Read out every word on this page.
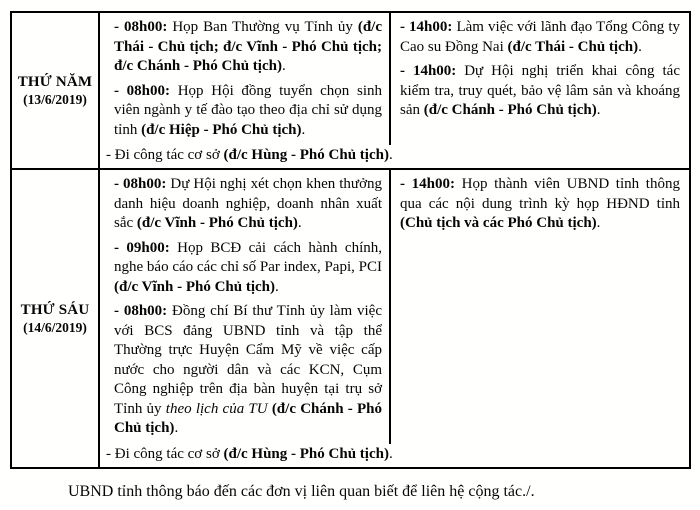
THỨ NĂM
(13/6/2019)

- 08h00: Họp Ban Thường vụ Tỉnh ủy (đ/c Thái - Chủ tịch; đ/c Vĩnh - Phó Chủ tịch; đ/c Chánh - Phó Chủ tịch).

- 08h00: Họp Hội đồng tuyển chọn sinh viên ngành y tế đào tạo theo địa chỉ sử dụng tỉnh (đ/c Hiệp - Phó Chủ tịch).

- 14h00: Làm việc với lãnh đạo Tổng Công ty Cao su Đồng Nai (đ/c Thái - Chủ tịch).

- 14h00: Dự Hội nghị triển khai công tác kiểm tra, truy quét, bảo vệ lâm sản và khoáng sản (đ/c Chánh - Phó Chủ tịch).

- Đi công tác cơ sở (đ/c Hùng - Phó Chủ tịch).
THỨ SÁU
(14/6/2019)

- 08h00: Dự Hội nghị xét chọn khen thưởng danh hiệu doanh nghiệp, doanh nhân xuất sắc (đ/c Vĩnh - Phó Chủ tịch).

- 09h00: Họp BCĐ cải cách hành chính, nghe báo cáo các chỉ số Par index, Papi, PCI (đ/c Vĩnh - Phó Chủ tịch).

- 08h00: Đồng chí Bí thư Tỉnh ủy làm việc với BCS đảng UBND tỉnh và tập thể Thường trực Huyện Cẩm Mỹ về việc cấp nước cho người dân và các KCN, Cụm Công nghiệp trên địa bàn huyện tại trụ sở Tỉnh ủy theo lịch của TU (đ/c Chánh - Phó Chủ tịch).

- 14h00: Họp thành viên UBND tỉnh thông qua các nội dung trình kỳ họp HĐND tỉnh (Chủ tịch và các Phó Chủ tịch).

- Đi công tác cơ sở (đ/c Hùng - Phó Chủ tịch).

UBND tỉnh thông báo đến các đơn vị liên quan biết để liên hệ cộng tác./.
